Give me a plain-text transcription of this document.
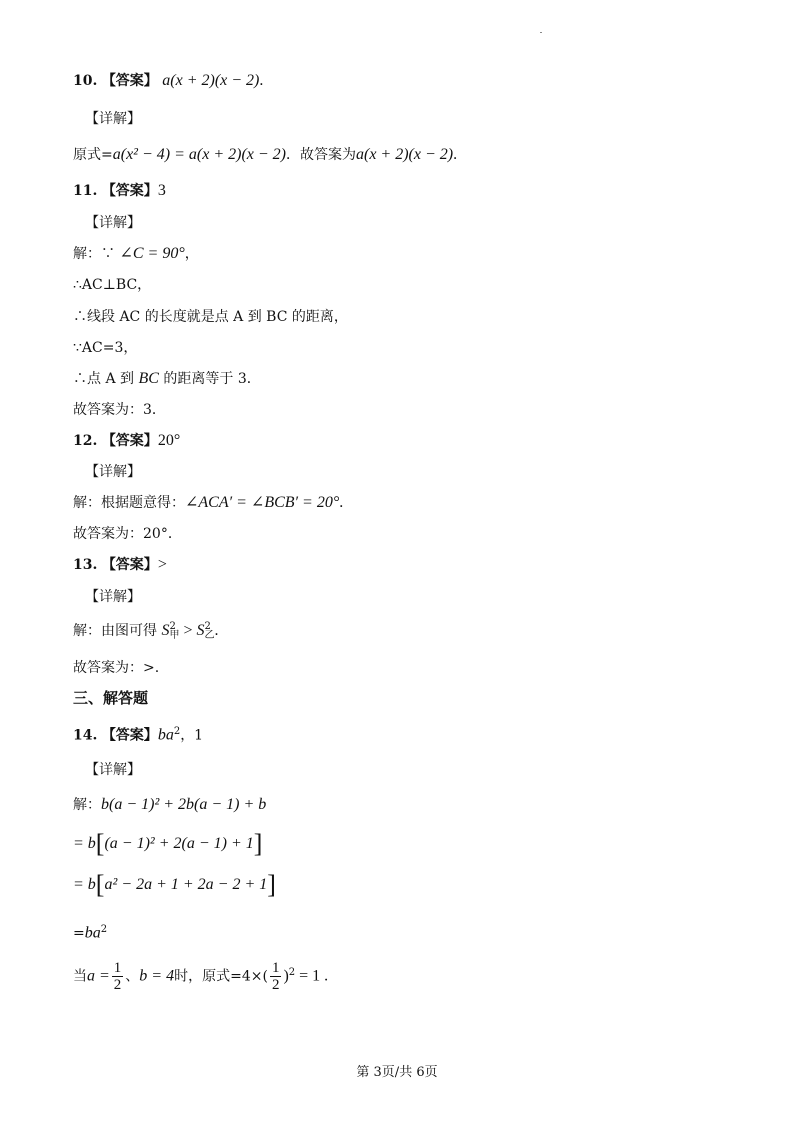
10. 【答案】 a(x + 2)(x − 2).
【详解】
原式=a(x² − 4) = a(x + 2)(x − 2)．故答案为a(x + 2)(x − 2).
11. 【答案】3
【详解】
解：∵ ∠C = 90°，
∴AC⊥BC，
∴线段 AC 的长度就是点 A 到 BC 的距离，
∵AC=3，
∴点 A 到 BC 的距离等于 3．
故答案为：3．
12. 【答案】20°
【详解】
解：根据题意得：∠ACA′ = ∠BCB′ = 20°.
故答案为：20°．
13. 【答案】>
【详解】
解：由图可得 S 2
甲 > S 2
乙 .
故答案为：>.
三、解答题
14. 【答案】$ba^2$，1
【详解】
解：b(a − 1)² + 2b(a − 1) + b
= b[(a − 1)² + 2(a − 1) + 1]
= b[a² − 2a + 1 + 2a − 2 + 1]
$=ba^2$
当$a = \frac{1}{2}$ 、b = 4时，原式$=4\times( \frac{1}{2} )^2 = 1$ .
第 3页/共 6页
